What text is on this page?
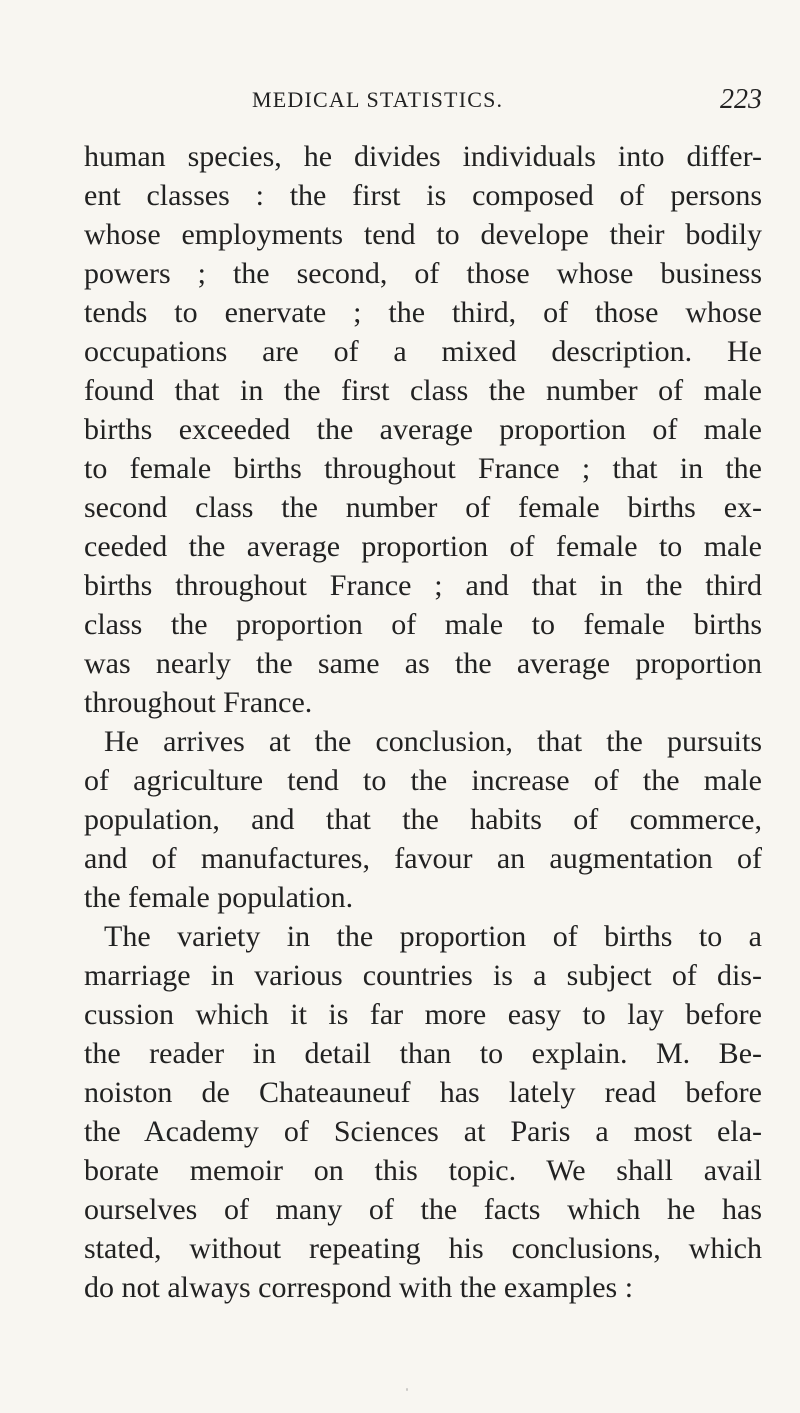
MEDICAL STATISTICS.	223
human species, he divides individuals into differ-
ent classes : the first is composed of persons
whose employments tend to develope their bodily
powers ; the second, of those whose business
tends to enervate ; the third, of those whose
occupations are of a mixed description. He
found that in the first class the number of male
births exceeded the average proportion of male
to female births throughout France ; that in the
second class the number of female births ex-
ceeded the average proportion of female to male
births throughout France ; and that in the third
class the proportion of male to female births
was nearly the same as the average proportion
throughout France.
He arrives at the conclusion, that the pursuits
of agriculture tend to the increase of the male
population, and that the habits of commerce,
and of manufactures, favour an augmentation of
the female population.
The variety in the proportion of births to a
marriage in various countries is a subject of dis-
cussion which it is far more easy to lay before
the reader in detail than to explain. M. Be-
noiston de Chateauneuf has lately read before
the Academy of Sciences at Paris a most ela-
borate memoir on this topic. We shall avail
ourselves of many of the facts which he has
stated, without repeating his conclusions, which
do not always correspond with the examples :
